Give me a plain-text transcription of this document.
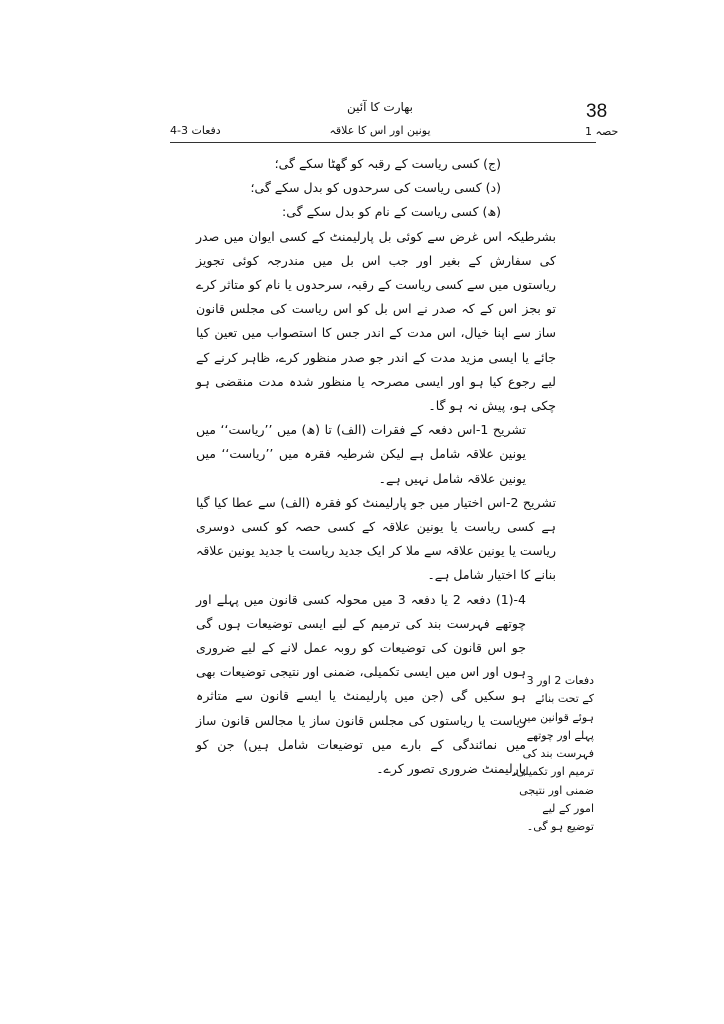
38
حصہ 1
بھارت کا آئین
یونین اور اس کا علاقہ
دفعات 3-4

(ج) کسی ریاست کے رقبہ کو گھٹا سکے گی؛

(د) کسی ریاست کی سرحدوں کو بدل سکے گی؛

(ھ) کسی ریاست کے نام کو بدل سکے گی:

بشرطیکہ اس غرض سے کوئی بل پارلیمنٹ کے کسی ایوان میں صدر کی سفارش کے بغیر اور جب اس بل میں مندرجہ کوئی تجویز ریاستوں میں سے کسی ریاست کے رقبہ، سرحدوں یا نام کو متاثر کرے تو بجز اس کے کہ صدر نے اس بل کو اس ریاست کی مجلس قانون ساز سے اپنا خیال، اس مدت کے اندر جس کا استصواب میں تعین کیا جائے یا ایسی مزید مدت کے اندر جو صدر منظور کرے، ظاہر کرنے کے لیے رجوع کیا ہو اور ایسی مصرحہ یا منظور شدہ مدت منقضی ہو چکی ہو، پیش نہ ہو گا۔

تشریح 1-اس دفعہ کے فقرات (الف) تا (ھ) میں ’’ریاست‘‘ میں یونین علاقہ شامل ہے لیکن شرطیہ فقرہ میں ’’ریاست‘‘ میں یونین علاقہ شامل نہیں ہے۔

تشریح 2-اس اختیار میں جو پارلیمنٹ کو فقرہ (الف) سے عطا کیا گیا ہے کسی ریاست یا یونین علاقہ کے کسی حصہ کو کسی دوسری ریاست یا یونین علاقہ سے ملا کر ایک جدید ریاست یا جدید یونین علاقہ بنانے کا اختیار شامل ہے۔

4-(1) دفعہ 2 یا دفعہ 3 میں محولہ کسی قانون میں پہلے اور چوتھے فہرست بند کی ترمیم کے لیے ایسی توضیعات ہوں گی جو اس قانون کی توضیعات کو روبہ عمل لانے کے لیے ضروری ہوں اور اس میں ایسی تکمیلی، ضمنی اور نتیجی توضیعات بھی ہو سکیں گی (جن میں پارلیمنٹ یا ایسے قانون سے متاثرہ ریاست یا ریاستوں کی مجلس قانون ساز یا مجالس قانون ساز میں نمائندگی کے بارے میں توضیعات شامل ہیں) جن کو پارلیمنٹ ضروری تصور کرے۔

دفعات 2 اور 3 کے تحت بنائے ہوئے قوانین میں پہلے اور چوتھے فہرست بند کی ترمیم اور تکمیلی، ضمنی اور نتیجی امور کے لیے توضیع ہو گی۔
